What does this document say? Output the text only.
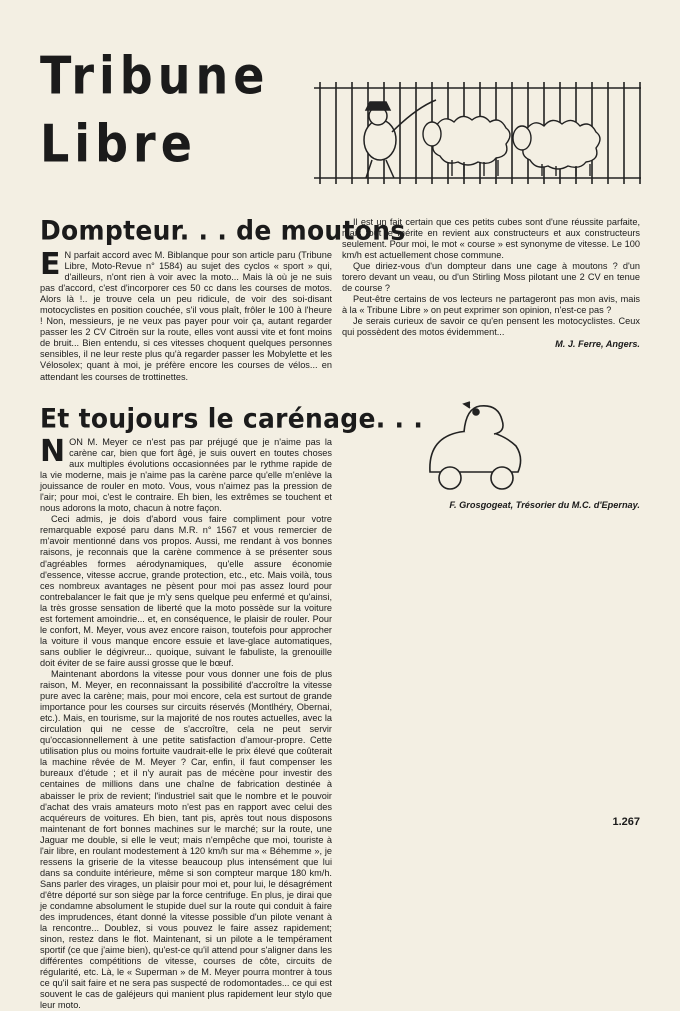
Tribune
Libre
Dompteur. . . de moutons

E N parfait accord avec M. Biblanque pour son article paru (Tribune Libre, Moto-Revue n° 1584) au sujet des cyclos « sport » qui, d'ailleurs, n'ont rien à voir avec la moto... Mais là où je ne suis pas d'accord, c'est d'incorporer ces 50 cc dans les courses de motos. Alors là !.. je trouve cela un peu ridicule, de voir des soi-disant motocyclistes en position couchée, s'il vous plaît, frôler le 100 à l'heure ! Non, messieurs, je ne veux pas payer pour voir ça, autant regarder passer les 2 CV Citroën sur la route, elles vont aussi vite et font moins de bruit... Bien entendu, si ces vitesses choquent quelques personnes sensibles, il ne leur reste plus qu'à regarder passer les Mobylette et les Vélosolex; quant à moi, je préfère encore les courses de vélos... en attendant les courses de trottinettes.

Il est un fait certain que ces petits cubes sont d'une réussite parfaite, mais tout le mérite en revient aux constructeurs et aux constructeurs seulement. Pour moi, le mot « course » est synonyme de vitesse. Le 100 km/h est actuellement chose commune.

Que diriez-vous d'un dompteur dans une cage à moutons ? d'un torero devant un veau, ou d'un Stirling Moss pilotant une 2 CV en tenue de course ?

Peut-être certains de vos lecteurs ne partageront pas mon avis, mais à la « Tribune Libre » on peut exprimer son opinion, n'est-ce pas ?

Je serais curieux de savoir ce qu'en pensent les motocyclistes. Ceux qui possèdent des motos évidemment...

M. J. Ferre, Angers.

Et toujours le carénage. . .

NON M. Meyer ce n'est pas par préjugé que je n'aime pas la carène car, bien que fort âgé, je suis ouvert en toutes choses aux multiples évolutions occasionnées par le rythme rapide de la vie moderne, mais je n'aime pas la carène parce qu'elle m'enlève la jouissance de rouler en moto. Vous, vous n'aimez pas la pression de l'air; pour moi, c'est le contraire. Eh bien, les extrêmes se touchent et nous adorons la moto, chacun à notre façon.

Ceci admis, je dois d'abord vous faire compliment pour votre remarquable exposé paru dans M.R. n° 1567 et vous remercier de m'avoir mentionné dans vos propos. Aussi, me rendant à vos bonnes raisons, je reconnais que la carène commence à se présenter sous d'agréables formes aérodynamiques, qu'elle assure économie d'essence, vitesse accrue, grande protection, etc., etc. Mais voilà, tous ces nombreux avantages ne pèsent pour moi pas assez lourd pour contrebalancer le fait que je m'y sens quelque peu enfermé et qu'ainsi, la très grosse sensation de liberté que la moto possède sur la voiture est fortement amoindrie... et, en conséquence, le plaisir de rouler. Pour le confort, M. Meyer, vous avez encore raison, toutefois pour approcher la voiture il vous manque encore essuie et lave-glace automatiques, sans oublier le dégivreur... quoique, suivant le fabuliste, la grenouille doit éviter de se faire aussi grosse que le bœuf.

Maintenant abordons la vitesse pour vous donner une fois de plus raison, M. Meyer, en reconnaissant la possibilité d'accroître la vitesse pure avec la carène; mais, pour moi encore, cela est surtout de grande importance pour les courses sur circuits réservés (Montlhéry, Obernai, etc.). Mais, en tourisme, sur la majorité de nos routes actuelles, avec la circulation qui ne cesse de s'accroître, cela ne peut servir qu'occasionnellement à une petite satisfaction d'amour-propre. Cette utilisation plus ou moins fortuite vaudrait-elle le prix élevé que coûterait la machine rêvée de M. Meyer ? Car, enfin, il faut compenser les bureaux d'étude ; et il n'y aurait pas de mécène pour investir des centaines de millions dans une chaîne de fabrication destinée à abaisser le prix de revient; l'industriel sait que le nombre et le pouvoir d'achat des vrais amateurs moto n'est pas en rapport avec celui des acquéreurs de voitures. Eh bien, tant pis, après tout nous disposons maintenant de fort bonnes machines sur le marché; sur la route, une Jaguar me double, si elle le veut; mais n'empêche que moi, touriste à l'air libre, en roulant modestement à 120 km/h sur ma « Béhemme », je ressens la griserie de la vitesse beaucoup plus intensément que lui dans sa conduite intérieure, même si son compteur marque 180 km/h. Sans parler des virages, un plaisir pour moi et, pour lui, le désagrément d'être déporté sur son siège par la force centrifuge. En plus, je dirai que je condamne absolument le stupide duel sur la route qui conduit à faire des imprudences, étant donné la vitesse possible d'un pilote venant à la rencontre... Doublez, si vous pouvez le faire assez rapidement; sinon, restez dans le flot. Maintenant, si un pilote a le tempérament sportif (ce que j'aime bien), qu'est-ce qu'il attend pour s'aligner dans les différentes compétitions de vitesse, courses de côte, circuits de régularité, etc. Là, le « Superman » de M. Meyer pourra montrer à tous ce qu'il sait faire et ne sera pas suspecté de rodomontades... ce qui est souvent le cas de galéjeurs qui manient plus rapidement leur stylo que leur moto.

F. Grosgogeat, Trésorier du M.C. d'Epernay.

1.267
